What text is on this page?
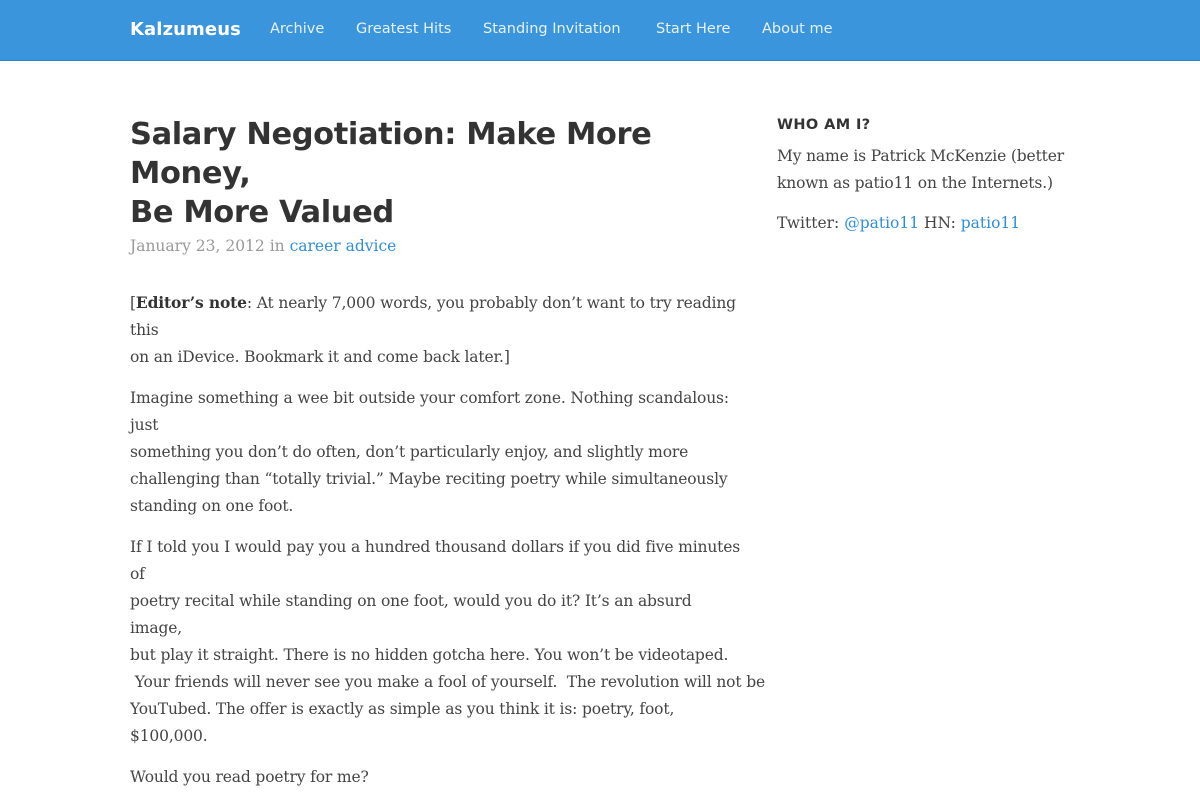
Kalzumeus Archive Greatest Hits Standing Invitation Start Here About me
Salary Negotiation: Make More Money,
Be More Valued
January 23, 2012 in career advice

[Editor’s note: At nearly 7,000 words, you probably don’t want to try reading this
on an iDevice. Bookmark it and come back later.]

Imagine something a wee bit outside your comfort zone. Nothing scandalous: just
something you don’t do often, don’t particularly enjoy, and slightly more
challenging than “totally trivial.” Maybe reciting poetry while simultaneously
standing on one foot.

If I told you I would pay you a hundred thousand dollars if you did five minutes of
poetry recital while standing on one foot, would you do it? It’s an absurd image,
but play it straight. There is no hidden gotcha here. You won’t be videotaped.
Your friends will never see you make a fool of yourself.  The revolution will not be
YouTubed. The offer is exactly as simple as you think it is: poetry, foot, $100,000.

Would you read poetry for me?

WHO AM I?
My name is Patrick McKenzie (better
known as patio11 on the Internets.)
Twitter: @patio11 HN: patio11
